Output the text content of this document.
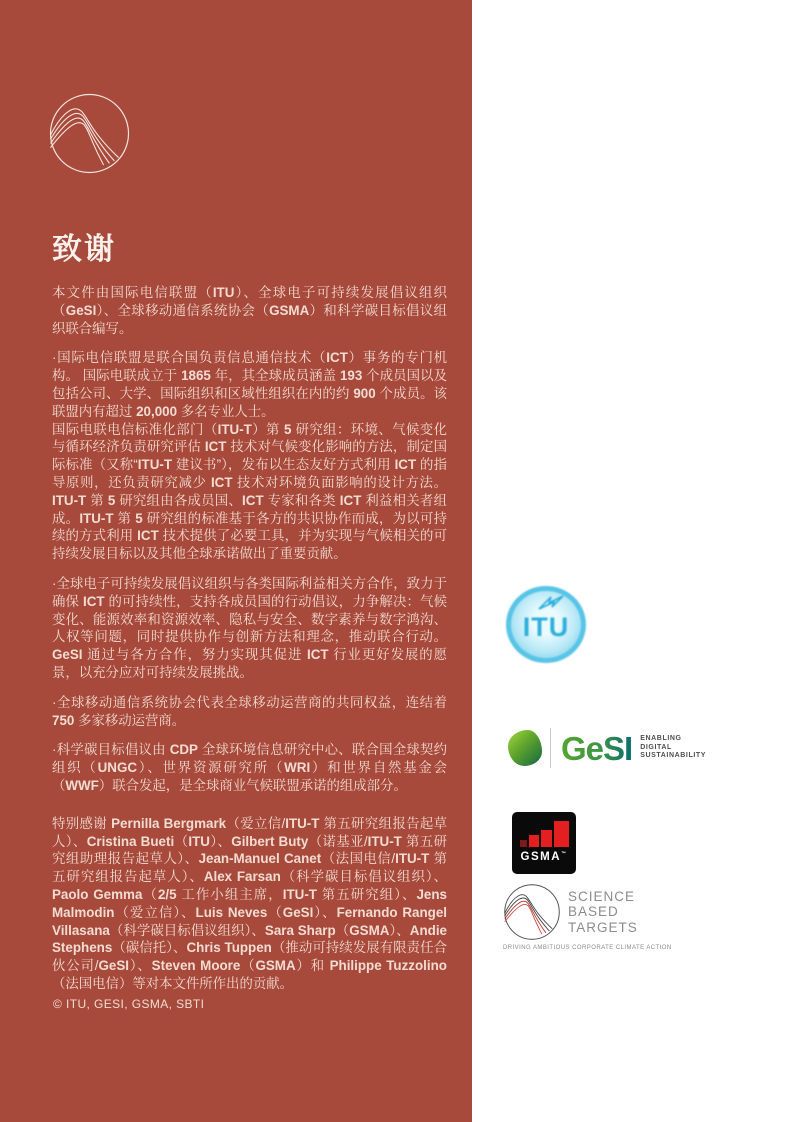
致谢

本文件由国际电信联盟（ITU）、全球电子可持续发展倡议组织（GeSI）、全球移动通信系统协会（GSMA）和科学碳目标倡议组织联合编写。

·国际电信联盟是联合国负责信息通信技术（ICT）事务的专门机构。 国际电联成立于 1865 年，其全球成员涵盖 193 个成员国以及包括公司、大学、国际组织和区域性组织在内的约 900 个成员。该联盟内有超过 20,000 多名专业人士。

国际电联电信标准化部门（ITU-T）第 5 研究组：环境、气候变化与循环经济负责研究评估 ICT 技术对气候变化影响的方法，制定国际标准（又称“ITU-T 建议书”），发布以生态友好方式利用 ICT 的指导原则，还负责研究减少 ICT 技术对环境负面影响的设计方法。ITU-T 第 5 研究组由各成员国、ICT 专家和各类 ICT 利益相关者组成。ITU-T 第 5 研究组的标准基于各方的共识协作而成，为以可持续的方式利用 ICT 技术提供了必要工具，并为实现与气候相关的可持续发展目标以及其他全球承诺做出了重要贡献。

·全球电子可持续发展倡议组织与各类国际利益相关方合作，致力于确保 ICT 的可持续性，支持各成员国的行动倡议，力争解决：气候变化、能源效率和资源效率、隐私与安全、数字素养与数字鸿沟、人权等问题，同时提供协作与创新方法和理念，推动联合行动。GeSI 通过与各方合作，努力实现其促进 ICT 行业更好发展的愿景，以充分应对可持续发展挑战。

·全球移动通信系统协会代表全球移动运营商的共同权益，连结着 750 多家移动运营商。

·科学碳目标倡议由 CDP 全球环境信息研究中心、联合国全球契约组织（UNGC）、世界资源研究所（WRI）和世界自然基金会（WWF）联合发起，是全球商业气候联盟承诺的组成部分。

特别感谢 Pernilla Bergmark（爱立信/ITU-T 第五研究组报告起草人）、Cristina Bueti（ITU）、Gilbert Buty（诺基亚/ITU-T 第五研究组助理报告起草人）、Jean-Manuel Canet（法国电信/ITU-T 第五研究组报告起草人）、Alex Farsan（科学碳目标倡议组织）、Paolo Gemma（2/5 工作小组主席，ITU-T 第五研究组）、Jens Malmodin（爱立信）、Luis Neves（GeSI）、Fernando Rangel Villasana（科学碳目标倡议组织）、Sara Sharp（GSMA）、Andie Stephens（碳信托）、Chris Tuppen（推动可持续发展有限责任合伙公司/GeSI）、Steven Moore（GSMA）和 Philippe Tuzzolino（法国电信）等对本文件所作出的贡献。

© ITU, GESI, GSMA, SBTI
ITU
GeSI ENABLING
DIGITAL
SUSTAINABILITY
GSMA™
SCIENCE
BASED
TARGETS
DRIVING AMBITIOUS CORPORATE CLIMATE ACTION
